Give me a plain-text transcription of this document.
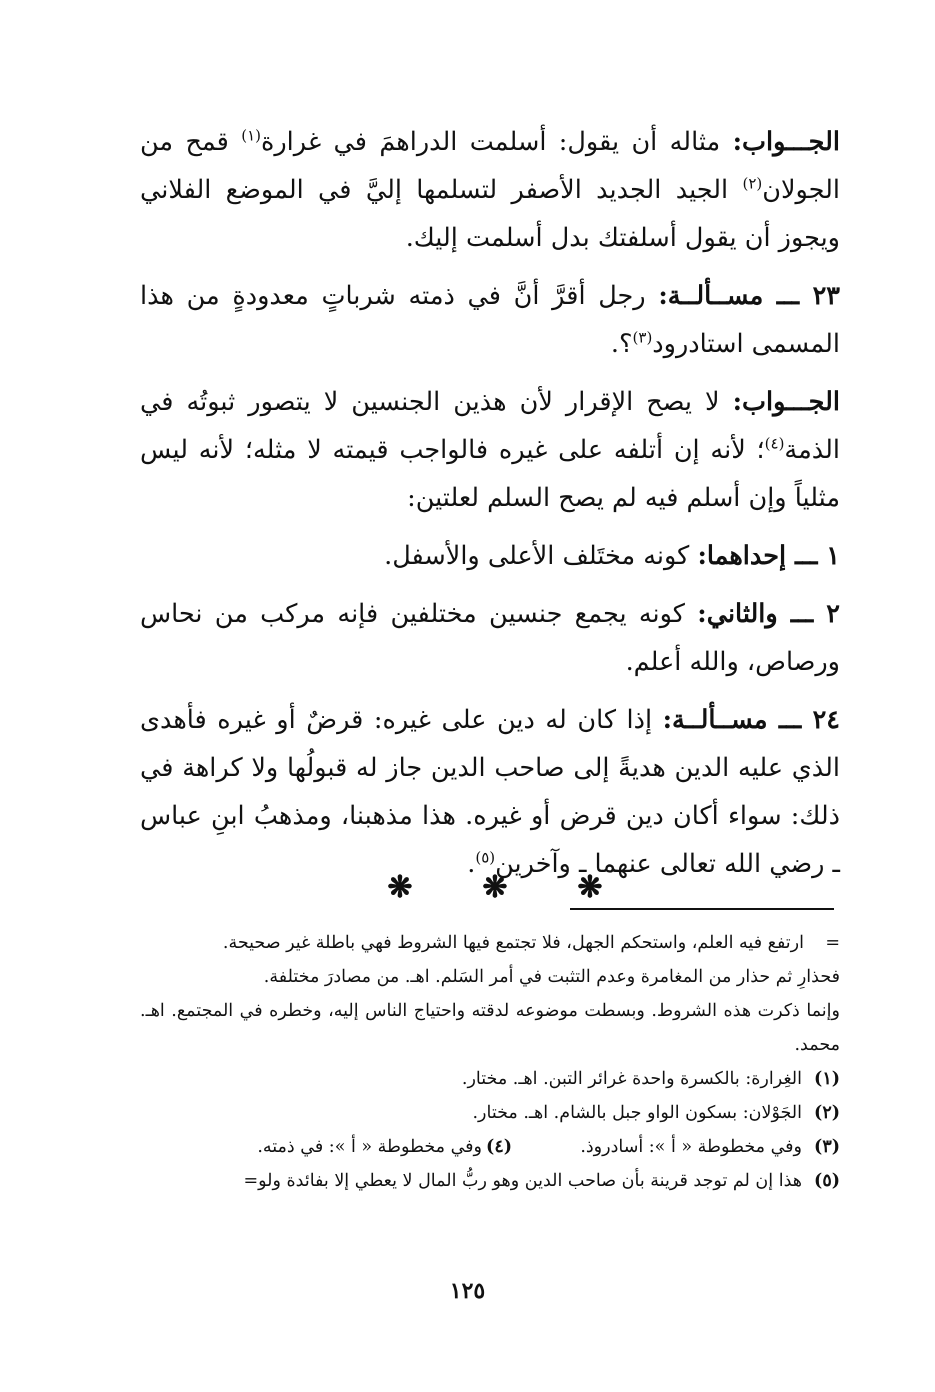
الجـــواب: مثاله أن يقول: أسلمت الدراهمَ في غرارة$^{(١)}$ قمح من الجولان$^{(٢)}$ الجيد الجديد الأصفر لتسلمها إليَّ في الموضع الفلاني ويجوز أن يقول أسلفتك بدل أسلمت إليك.

٢٣ ـــ مســألــة: رجل أقرَّ أنَّ في ذمته شرباتٍ معدودةٍ من هذا المسمى استادرود$^{(٣)}$؟.

الجـــواب: لا يصح الإقرار لأن هذين الجنسين لا يتصور ثبوتُه في الذمة$^{(٤)}$؛ لأنه إن أتلفه على غيره فالواجب قيمته لا مثله؛ لأنه ليس مثلياً وإن أسلم فيه لم يصح السلم لعلتين:

١ ـــ إحداهما: كونه مختَلف الأعلى والأسفل.

٢ ـــ والثاني: كونه يجمع جنسين مختلفين فإنه مركب من نحاس ورصاص، والله أعلم.

٢٤ ـــ مســألــة: إذا كان له دين على غيره: قرضٌ أو غيره فأهدى الذي عليه الدين هديةً إلى صاحب الدين جاز له قبولُها ولا كراهة في ذلك: سواء أكان دين قرض أو غيره. هذا مذهبنا، ومذهبُ ابنِ عباس ـ رضي الله تعالى عنهما ـ وآخرين$^{(٥)}$.

❋
❋
❋
=
ارتفع فيه العلم، واستحكم الجهل، فلا تجتمع فيها الشروط فهي باطلة غير صحيحة.

فحذارِ ثم حذار من المغامرة وعدم التثبت في أمر السَلم. اهـ. من مصادرَ مختلفة.

وإنما ذكرت هذه الشروط. وبسطت موضوعه لدقته واحتياج الناس إليه، وخطره في المجتمع. اهـ. محمد.

(١)
الغِرارة: بالكسرة واحدة غرائر التبن. اهـ. مختار.
(٢)
الجَوْلان: بسكون الواو جبل بالشام. اهـ. مختار.
(٣)
وفي مخطوطة « أ »: أسادروذ.
(٤)
وفي مخطوطة « أ »: في ذمته.
(٥)
هذا إن لم توجد قرينة بأن صاحب الدين وهو ربُّ المال لا يعطي إلا بفائدة ولو=
١٢٥
